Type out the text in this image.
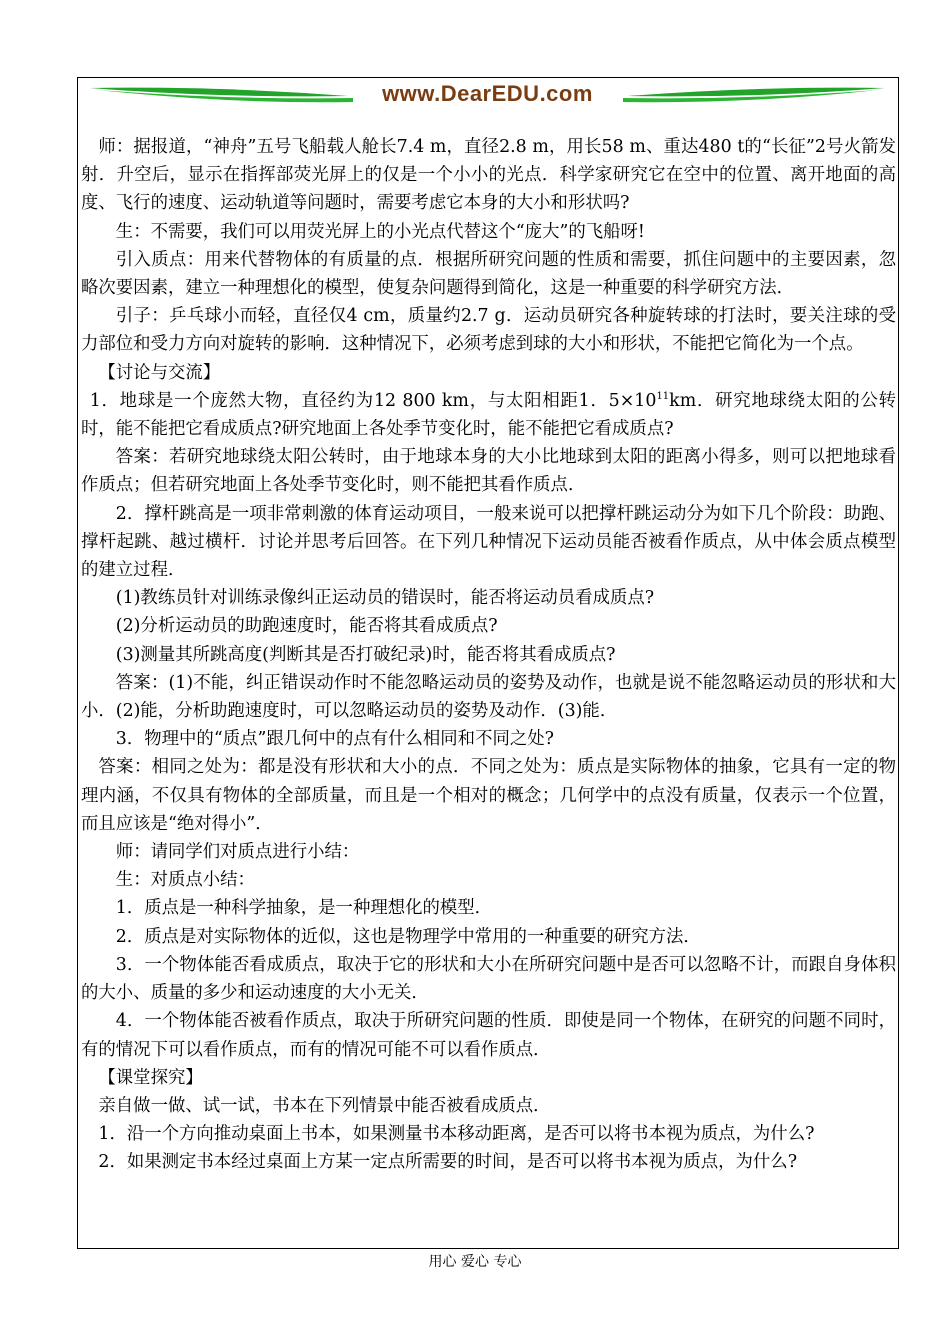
www.DearEDU.com

师：据报道，“神舟”五号飞船载人舱长7.4 m，直径2.8 m，用长58 m、重达480 t的“长征”2号火箭发射．升空后，显示在指挥部荧光屏上的仅是一个小小的光点．科学家研究它在空中的位置、离开地面的高度、飞行的速度、运动轨道等问题时，需要考虑它本身的大小和形状吗?

生：不需要，我们可以用荧光屏上的小光点代替这个“庞大”的飞船呀!

引入质点：用来代替物体的有质量的点．根据所研究问题的性质和需要，抓住问题中的主要因素，忽略次要因素，建立一种理想化的模型，使复杂问题得到简化，这是一种重要的科学研究方法．

引子：乒乓球小而轻，直径仅4 cm，质量约2.7 g．运动员研究各种旋转球的打法时，要关注球的受力部位和受力方向对旋转的影响．这种情况下，必须考虑到球的大小和形状，不能把它简化为一个点。

【讨论与交流】

1．地球是一个庞然大物，直径约为12 800 km，与太阳相距1．$5\times 10^{11}km$．研究地球绕太阳的公转时，能不能把它看成质点?研究地面上各处季节变化时，能不能把它看成质点?

答案：若研究地球绕太阳公转时，由于地球本身的大小比地球到太阳的距离小得多，则可以把地球看作质点；但若研究地面上各处季节变化时，则不能把其看作质点．

2．撑杆跳高是一项非常刺激的体育运动项目，一般来说可以把撑杆跳运动分为如下几个阶段：助跑、撑杆起跳、越过横杆．讨论并思考后回答。在下列几种情况下运动员能否被看作质点，从中体会质点模型的建立过程．

(1)教练员针对训练录像纠正运动员的错误时，能否将运动员看成质点?

(2)分析运动员的助跑速度时，能否将其看成质点?

(3)测量其所跳高度(判断其是否打破纪录)时，能否将其看成质点?

答案：(1)不能，纠正错误动作时不能忽略运动员的姿势及动作，也就是说不能忽略运动员的形状和大小．(2)能，分析助跑速度时，可以忽略运动员的姿势及动作．(3)能．

3．物理中的“质点”跟几何中的点有什么相同和不同之处?

答案：相同之处为：都是没有形状和大小的点．不同之处为：质点是实际物体的抽象，它具有一定的物理内涵，不仅具有物体的全部质量，而且是一个相对的概念；几何学中的点没有质量，仅表示一个位置，而且应该是“绝对得小”．

师：请同学们对质点进行小结：

生：对质点小结：

1．质点是一种科学抽象，是一种理想化的模型．

2．质点是对实际物体的近似，这也是物理学中常用的一种重要的研究方法．

3．一个物体能否看成质点，取决于它的形状和大小在所研究问题中是否可以忽略不计，而跟自身体积的大小、质量的多少和运动速度的大小无关．

4．一个物体能否被看作质点，取决于所研究问题的性质．即使是同一个物体，在研究的问题不同时，有的情况下可以看作质点，而有的情况可能不可以看作质点．

【课堂探究】

亲自做一做、试一试，书本在下列情景中能否被看成质点．

1．沿一个方向推动桌面上书本，如果测量书本移动距离，是否可以将书本视为质点，为什么?

2．如果测定书本经过桌面上方某一定点所需要的时间，是否可以将书本视为质点，为什么?

用心 爱心 专心
